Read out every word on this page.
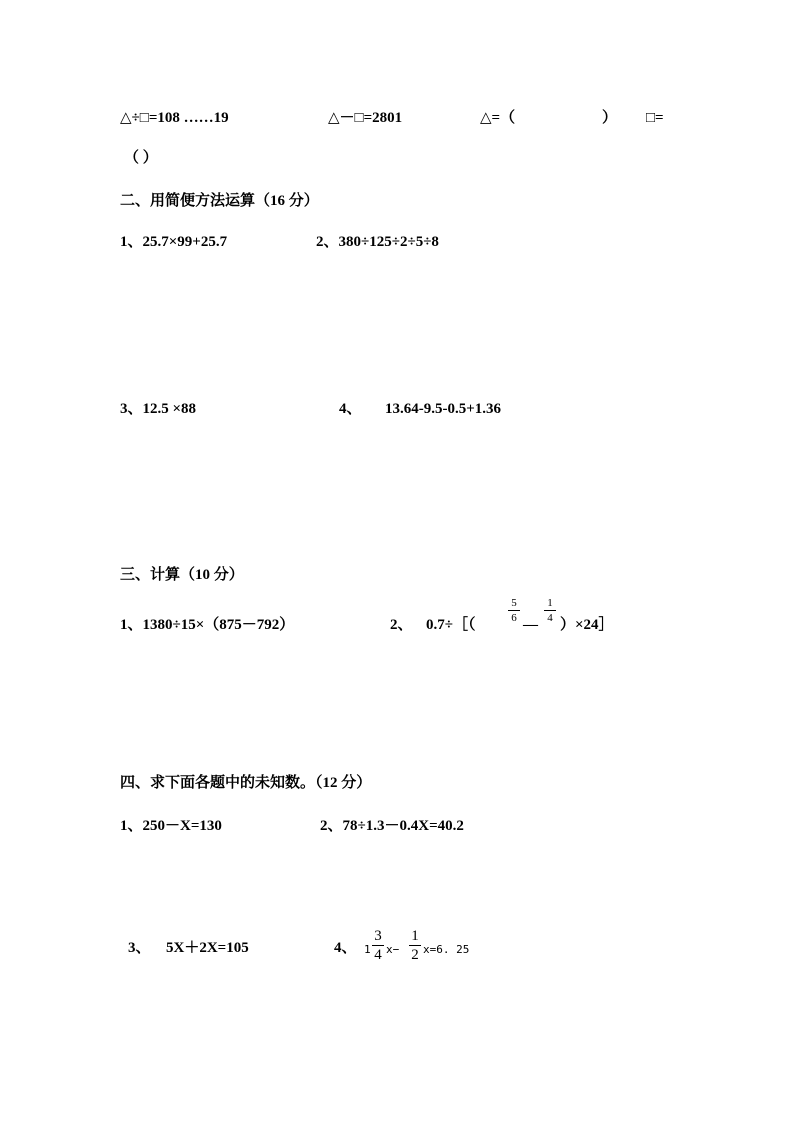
△÷□=108 ……19	△－□=2801	△=（	） □=
（ ）
二、用简便方法运算（16 分）
1、25.7×99+25.7	2、380÷125÷2÷5÷8
3、12.5 ×88	4、 13.64-9.5-0.5+1.36
三、计算（10 分）
1、1380÷15×（875－792）	2、 0.7÷［（
5
6 —
1
4 ）×24］
四、求下面各题中的未知数。（12 分）
1、250－X=130	2、78÷1.3－0.4X=40.2
3、 5X＋2X=105	4、 1
3
4 x−
1
2 x=6. 25
